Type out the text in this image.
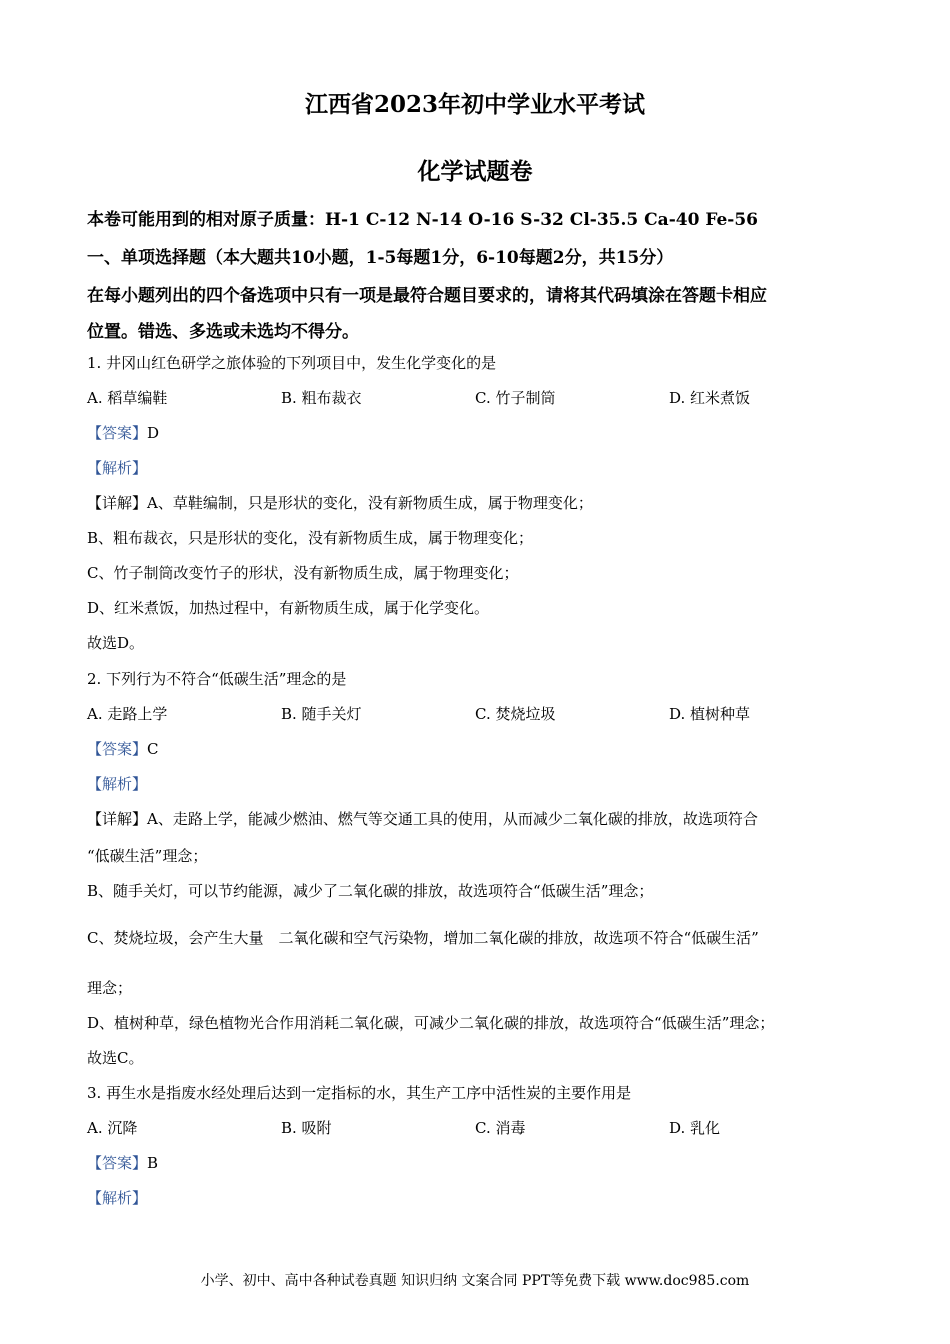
江西省2023年初中学业水平考试
化学试题卷
本卷可能用到的相对原子质量：H-1 C-12 N-14 O-16 S-32 Cl-35.5 Ca-40 Fe-56
一、单项选择题（本大题共10小题，1-5每题1分，6-10每题2分，共15分）
在每小题列出的四个备选项中只有一项是最符合题目要求的，请将其代码填涂在答题卡相应
位置。错选、多选或未选均不得分。
1. 井冈山红色研学之旅体验的下列项目中，发生化学变化的是
A. 稻草编鞋	B. 粗布裁衣	C. 竹子制筒	D. 红米煮饭
【答案】D
【解析】
【详解】A、草鞋编制，只是形状的变化，没有新物质生成，属于物理变化；
B、粗布裁衣，只是形状的变化，没有新物质生成，属于物理变化；
C、竹子制筒改变竹子的形状，没有新物质生成，属于物理变化；
D、红米煮饭，加热过程中，有新物质生成，属于化学变化。
故选D。
2. 下列行为不符合“低碳生活”理念的是
A. 走路上学	B. 随手关灯	C. 焚烧垃圾	D. 植树种草
【答案】C
【解析】
【详解】A、走路上学，能减少燃油、燃气等交通工具的使用，从而减少二氧化碳的排放，故选项符合
“低碳生活”理念；
B、随手关灯，可以节约能源，减少了二氧化碳的排放，故选项符合“低碳生活”理念；
C、焚烧垃圾，会产生大量　二氧化碳和空气污染物，增加二氧化碳的排放，故选项不符合“低碳生活”
理念；
D、植树种草，绿色植物光合作用消耗二氧化碳，可减少二氧化碳的排放，故选项符合“低碳生活”理念；
故选C。
3. 再生水是指废水经处理后达到一定指标的水，其生产工序中活性炭的主要作用是
A. 沉降	B. 吸附	C. 消毒	D. 乳化
【答案】B
【解析】
小学、初中、高中各种试卷真题 知识归纳 文案合同 PPT等免费下载 www.doc985.com
